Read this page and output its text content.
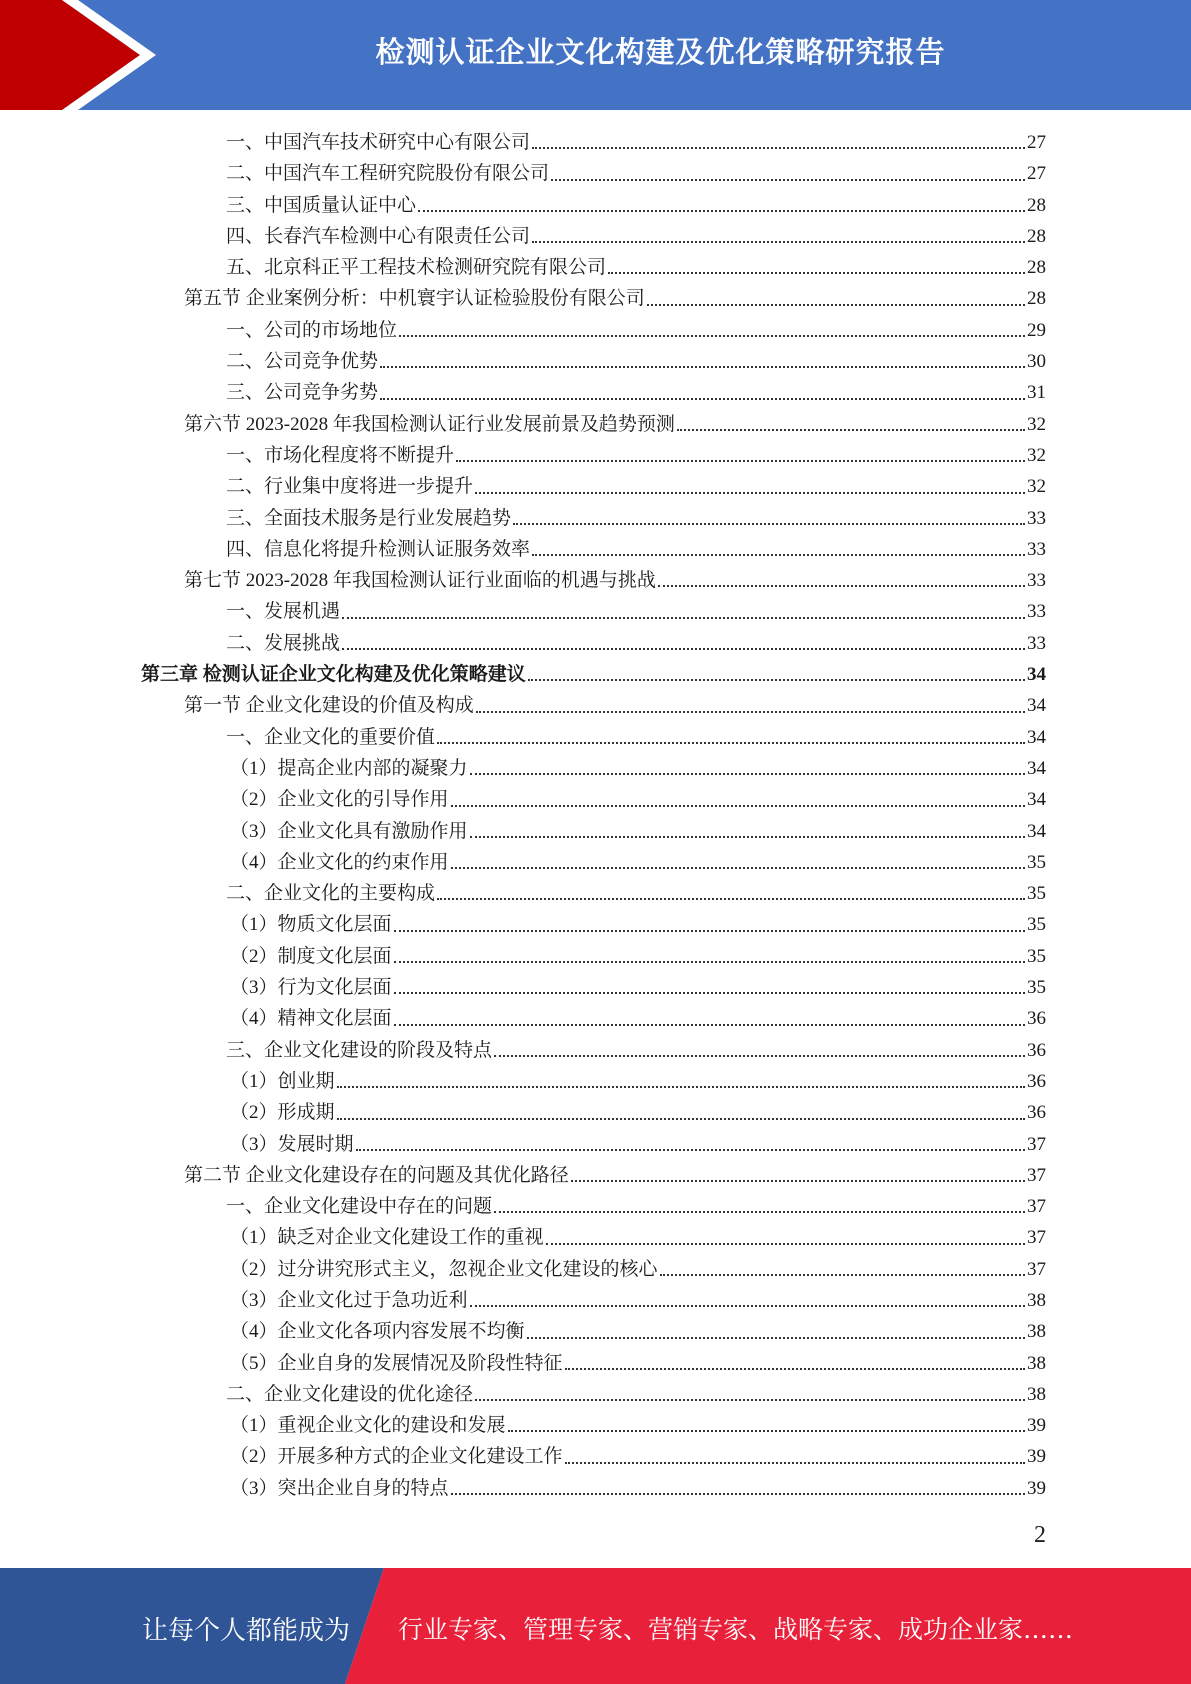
检测认证企业文化构建及优化策略研究报告
一、中国汽车技术研究中心有限公司	27
二、中国汽车工程研究院股份有限公司	27
三、中国质量认证中心	28
四、长春汽车检测中心有限责任公司	28
五、北京科正平工程技术检测研究院有限公司	28
第五节 企业案例分析：中机寰宇认证检验股份有限公司	28
一、公司的市场地位	29
二、公司竞争优势	30
三、公司竞争劣势	31
第六节 2023-2028 年我国检测认证行业发展前景及趋势预测	32
一、市场化程度将不断提升	32
二、行业集中度将进一步提升	32
三、全面技术服务是行业发展趋势	33
四、信息化将提升检测认证服务效率	33
第七节 2023-2028 年我国检测认证行业面临的机遇与挑战	33
一、发展机遇	33
二、发展挑战	33
第三章 检测认证企业文化构建及优化策略建议	34
第一节 企业文化建设的价值及构成	34
一、企业文化的重要价值	34
（1）提高企业内部的凝聚力	34
（2）企业文化的引导作用	34
（3）企业文化具有激励作用	34
（4）企业文化的约束作用	35
二、企业文化的主要构成	35
（1）物质文化层面	35
（2）制度文化层面	35
（3）行为文化层面	35
（4）精神文化层面	36
三、企业文化建设的阶段及特点	36
（1）创业期	36
（2）形成期	36
（3）发展时期	37
第二节 企业文化建设存在的问题及其优化路径	37
一、企业文化建设中存在的问题	37
（1）缺乏对企业文化建设工作的重视	37
（2）过分讲究形式主义，忽视企业文化建设的核心	37
（3）企业文化过于急功近利	38
（4）企业文化各项内容发展不均衡	38
（5）企业自身的发展情况及阶段性特征	38
二、企业文化建设的优化途径	38
（1）重视企业文化的建设和发展	39
（2）开展多种方式的企业文化建设工作	39
（3）突出企业自身的特点	39
2
让每个人都能成为 行业专家、管理专家、营销专家、战略专家、成功企业家……
